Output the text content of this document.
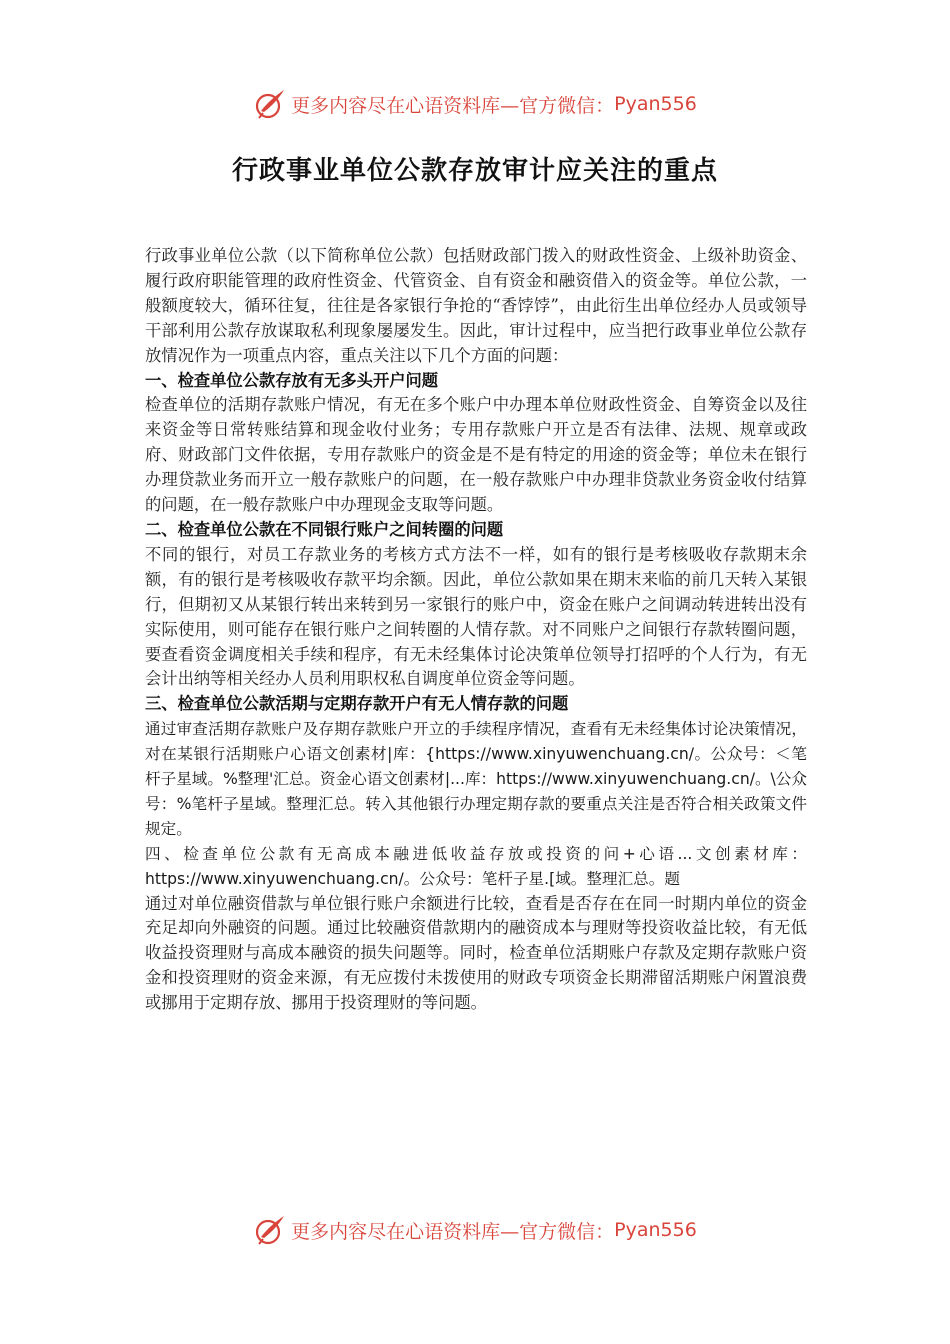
更多内容尽在心语资料库—官方微信： Pyan556
行政事业单位公款存放审计应关注的重点

行政事业单位公款（以下简称单位公款）包括财政部门拨入的财政性资金、上级补助资金、履行政府职能管理的政府性资金、代管资金、自有资金和融资借入的资金等。单位公款，一般额度较大，循环往复，往往是各家银行争抢的“香饽饽”，由此衍生出单位经办人员或领导干部利用公款存放谋取私利现象屡屡发生。因此，审计过程中，应当把行政事业单位公款存放情况作为一项重点内容，重点关注以下几个方面的问题：

一、检查单位公款存放有无多头开户问题

检查单位的活期存款账户情况，有无在多个账户中办理本单位财政性资金、自筹资金以及往来资金等日常转账结算和现金收付业务；专用存款账户开立是否有法律、法规、规章或政府、财政部门文件依据，专用存款账户的资金是不是有特定的用途的资金等；单位未在银行办理贷款业务而开立一般存款账户的问题，在一般存款账户中办理非贷款业务资金收付结算的问题，在一般存款账户中办理现金支取等问题。

二、检查单位公款在不同银行账户之间转圈的问题

不同的银行，对员工存款业务的考核方式方法不一样，如有的银行是考核吸收存款期末余额，有的银行是考核吸收存款平均余额。因此，单位公款如果在期末来临的前几天转入某银行，但期初又从某银行转出来转到另一家银行的账户中，资金在账户之间调动转进转出没有实际使用，则可能存在银行账户之间转圈的人情存款。对不同账户之间银行存款转圈问题，要查看资金调度相关手续和程序，有无未经集体讨论决策单位领导打招呼的个人行为，有无会计出纳等相关经办人员利用职权私自调度单位资金等问题。

三、检查单位公款活期与定期存款开户有无人情存款的问题

通过审查活期存款账户及存期存款账户开立的手续程序情况，查看有无未经集体讨论决策情况，对在某银行活期账户心语文创素材|库：{https://www.xinyuwenchuang.cn/。公众号：＜笔杆子星域。%整理'汇总。资金心语文创素材|...库：https://www.xinyuwenchuang.cn/。\公众号：%笔杆子星域。整理汇总。转入其他银行办理定期存款的要重点关注是否符合相关政策文件规定。

四、检查单位公款有无高成本融进低收益存放或投资的问+心语...文创素材库：https://www.xinyuwenchuang.cn/。公众号：笔杆子星.[域。整理汇总。题

通过对单位融资借款与单位银行账户余额进行比较，查看是否存在在同一时期内单位的资金充足却向外融资的问题。通过比较融资借款期内的融资成本与理财等投资收益比较，有无低收益投资理财与高成本融资的损失问题等。同时，检查单位活期账户存款及定期存款账户资金和投资理财的资金来源，有无应拨付未拨使用的财政专项资金长期滞留活期账户闲置浪费或挪用于定期存放、挪用于投资理财的等问题。

更多内容尽在心语资料库—官方微信： Pyan556
